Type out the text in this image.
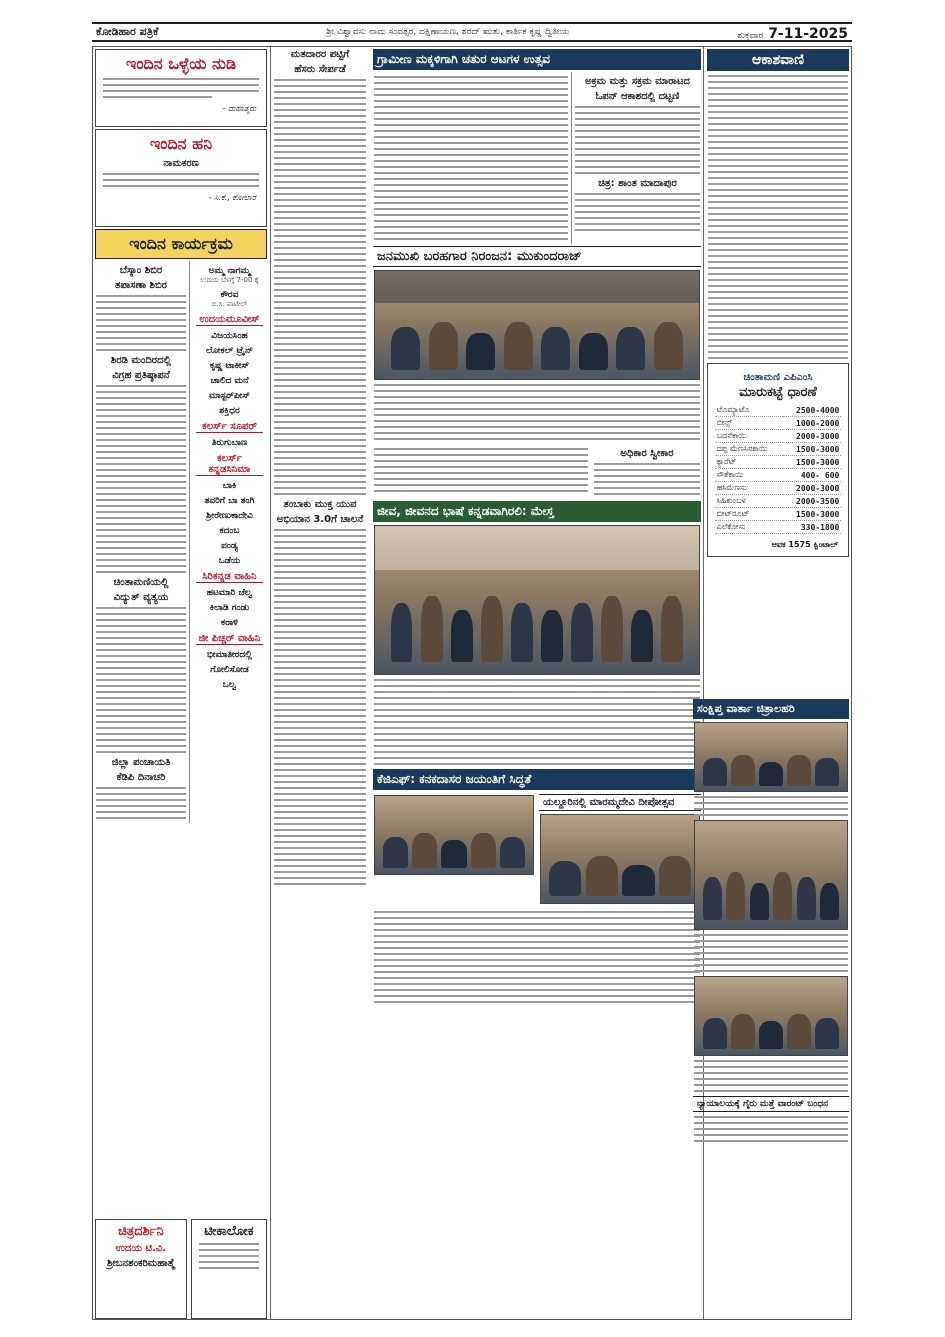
ಕೋಡಿಹಾರ ಪತ್ರಿಕೆ	ಶ್ರೀ ವಿಶ್ವಾವಸು ನಾಮ ಸಂವತ್ಸರ, ದಕ್ಷಿಣಾಯಣ, ಶರದ್ ಋತು, ಕಾರ್ತಿಕ ಕೃಷ್ಣ ದ್ವಿತೀಯ	ಶುಕ್ರವಾರ 7-11-2025
ಇಂದಿನ ಒಳ್ಳೆಯ ನುಡಿ
- ಮಹಾತ್ಮರು
ಇಂದಿನ ಹನಿ
ನಾಮಕರಣ
- ಸಿ.ಕೆ., ಕೋಲಾರ
ಇಂದಿನ ಕಾರ್ಯಕ್ರಮ
ಬೆಸ್ಕಾಂ ಶಿಬಿರ
ತಪಾಸಣಾ ಶಿಬಿರ
ಶಿರಡಿ ಮಂದಿರದಲ್ಲಿ
ವಿಗ್ರಹ ಪ್ರತಿಷ್ಠಾಪನೆ
ಚಿಂತಾಮಣಿಯಲ್ಲಿ
ವಿದ್ಯುತ್ ವ್ಯತ್ಯಯ
ಜಿಲ್ಲಾ ಪಂಚಾಯತಿ
ಕೆಡಿಪಿ ದಿನಾಚರಿ
ಅಮ್ಮ ನಾಗಮ್ಮ
ಉದಯ ಬೆಳಗ್ಗೆ 7-00 ಕ್ಕೆ
ಕೌರವ
ಬಿ.ಸಿ. ಪಾಟೀಲ್
ಉದಯಮೂವೀಸ್
ವಿಜಯಸಿಂಹ
ಲೋಕಲ್ ಟ್ರೈನ್
ಕೃಷ್ಣ ಟಾಕೀಸ್
ಚಾಲಿದ ಮನೆ
ಮಾಸ್ಟರ್‌ಪೀಸ್
ಶಕ್ತಿಧರ
ಕಲರ್ಸ್ ಸೂಪರ್
ತಿರುಗುಬಾಣ
ಕಲರ್ಸ್ ಕನ್ನಡಸಿನಿಮಾ
ಬಾಕಿ
ತವರಿಗೆ ಬಾ ತಂಗಿ
ಶ್ರೀರೇಣುಕಾದೇವಿ
ಕದಂಬ
ಪಂಡ್ಯ
ಒಡೆಯ
ಸಿರಿಕನ್ನಡ ವಾಹಿನಿ
ಹಟಮಾರಿ ಚೆಲ್ವ
ಕಿಲಾಡಿ ಗಂಡು
ಕರಾಳಿ
ಜೀ ಪಿಚ್ಚರ್ ವಾಹಿನಿ
ಭೀಮಾತೀರದಲ್ಲಿ
ಗೋಲಿಸೋಡ
ಒಲ್ವ
ಚಿತ್ರದರ್ಶಿನಿ
ಉದಯ ಟಿ.ವಿ.
ಶ್ರೀಬನಶಂಕರಿಮಹಾತ್ಮೆ
ಟೀಕಾಲೋಕ
ಮತದಾರರ ಪಟ್ಟಿಗೆ
ಹೆಸರು ಸೇರ್ಪಡೆ
ತಂಬಾಕು ಮುಕ್ತ ಯುವ
ಅಭಿಯಾನ 3.0ಗೆ ಚಾಲನೆ
ಗ್ರಾಮೀಣ ಮಕ್ಕಳಿಗಾಗಿ ಚತುರ ಆಟಗಳ ಉತ್ಸವ
ಅಕ್ರಮ ಮತ್ತು ಸಕ್ರಮ ಮಾರಾಟದ
ಓಪನ್ ಆಕಾಶದಲ್ಲಿ ದಟ್ಟಣಿ
ಚಿತ್ರ: ಶಾಂತ ಮಾದಾಪುರ
ಜನಮುಖಿ ಬರಹಗಾರ ನಿರಂಜನ: ಮುಕುಂದರಾಜ್
ಅಧಿಕಾರ ಸ್ವೀಕಾರ
ಜೀವ, ಜೀವನದ ಭಾಷೆ ಕನ್ನಡವಾಗಿರಲಿ: ಮೇಸ್ತ
ಕೆಜಿಎಫ್: ಕನಕದಾಸರ ಜಯಂತಿಗೆ ಸಿದ್ಧತೆ
ಯಲ್ದೂರಿನಲ್ಲಿ ಮಾರಮ್ಮದೇವಿ ದೀಪೋತ್ಸವ
ಆಕಾಶವಾಣಿ
ಚಿಂತಾಮಣಿ ಎಪಿಎಂಸಿ
ಮಾರುಕಟ್ಟೆ ಧಾರಣೆ
ಟೊಮ್ಯಾಟೊ	2500-4000
ಬೀನ್ಸ್	1000-2000
ಬದನೆಕಾಯಿ	2000-3000
ದಪ್ಪ ಮೆಣಸಿನಕಾಯಿ	1500-3000
ಕ್ಯಾರೆಟ್	1500-3000
ಸೌತೆಕಾಯಿ	400- 600
ಹಸಿಮೆಣಸು	2000-3000
ಸಿಹಿಕುಂಬಳ	2000-3500
ಬೀಟ್‌ರೂಟ್	1500-3000
ಎಲೆಕೋಸು	330-1800
ಆವಕ 1575 ಕ್ವಿಂಟಾಲ್
ಸಂಕ್ಷಿಪ್ತ ವಾರ್ತಾ ಚಿತ್ರಾಲಹರಿ
ನ್ಯಾಯಾಲಯಕ್ಕೆ ಗೈರು ಮತ್ತೆ ವಾರಂಟ್ ಬಂಧನ
